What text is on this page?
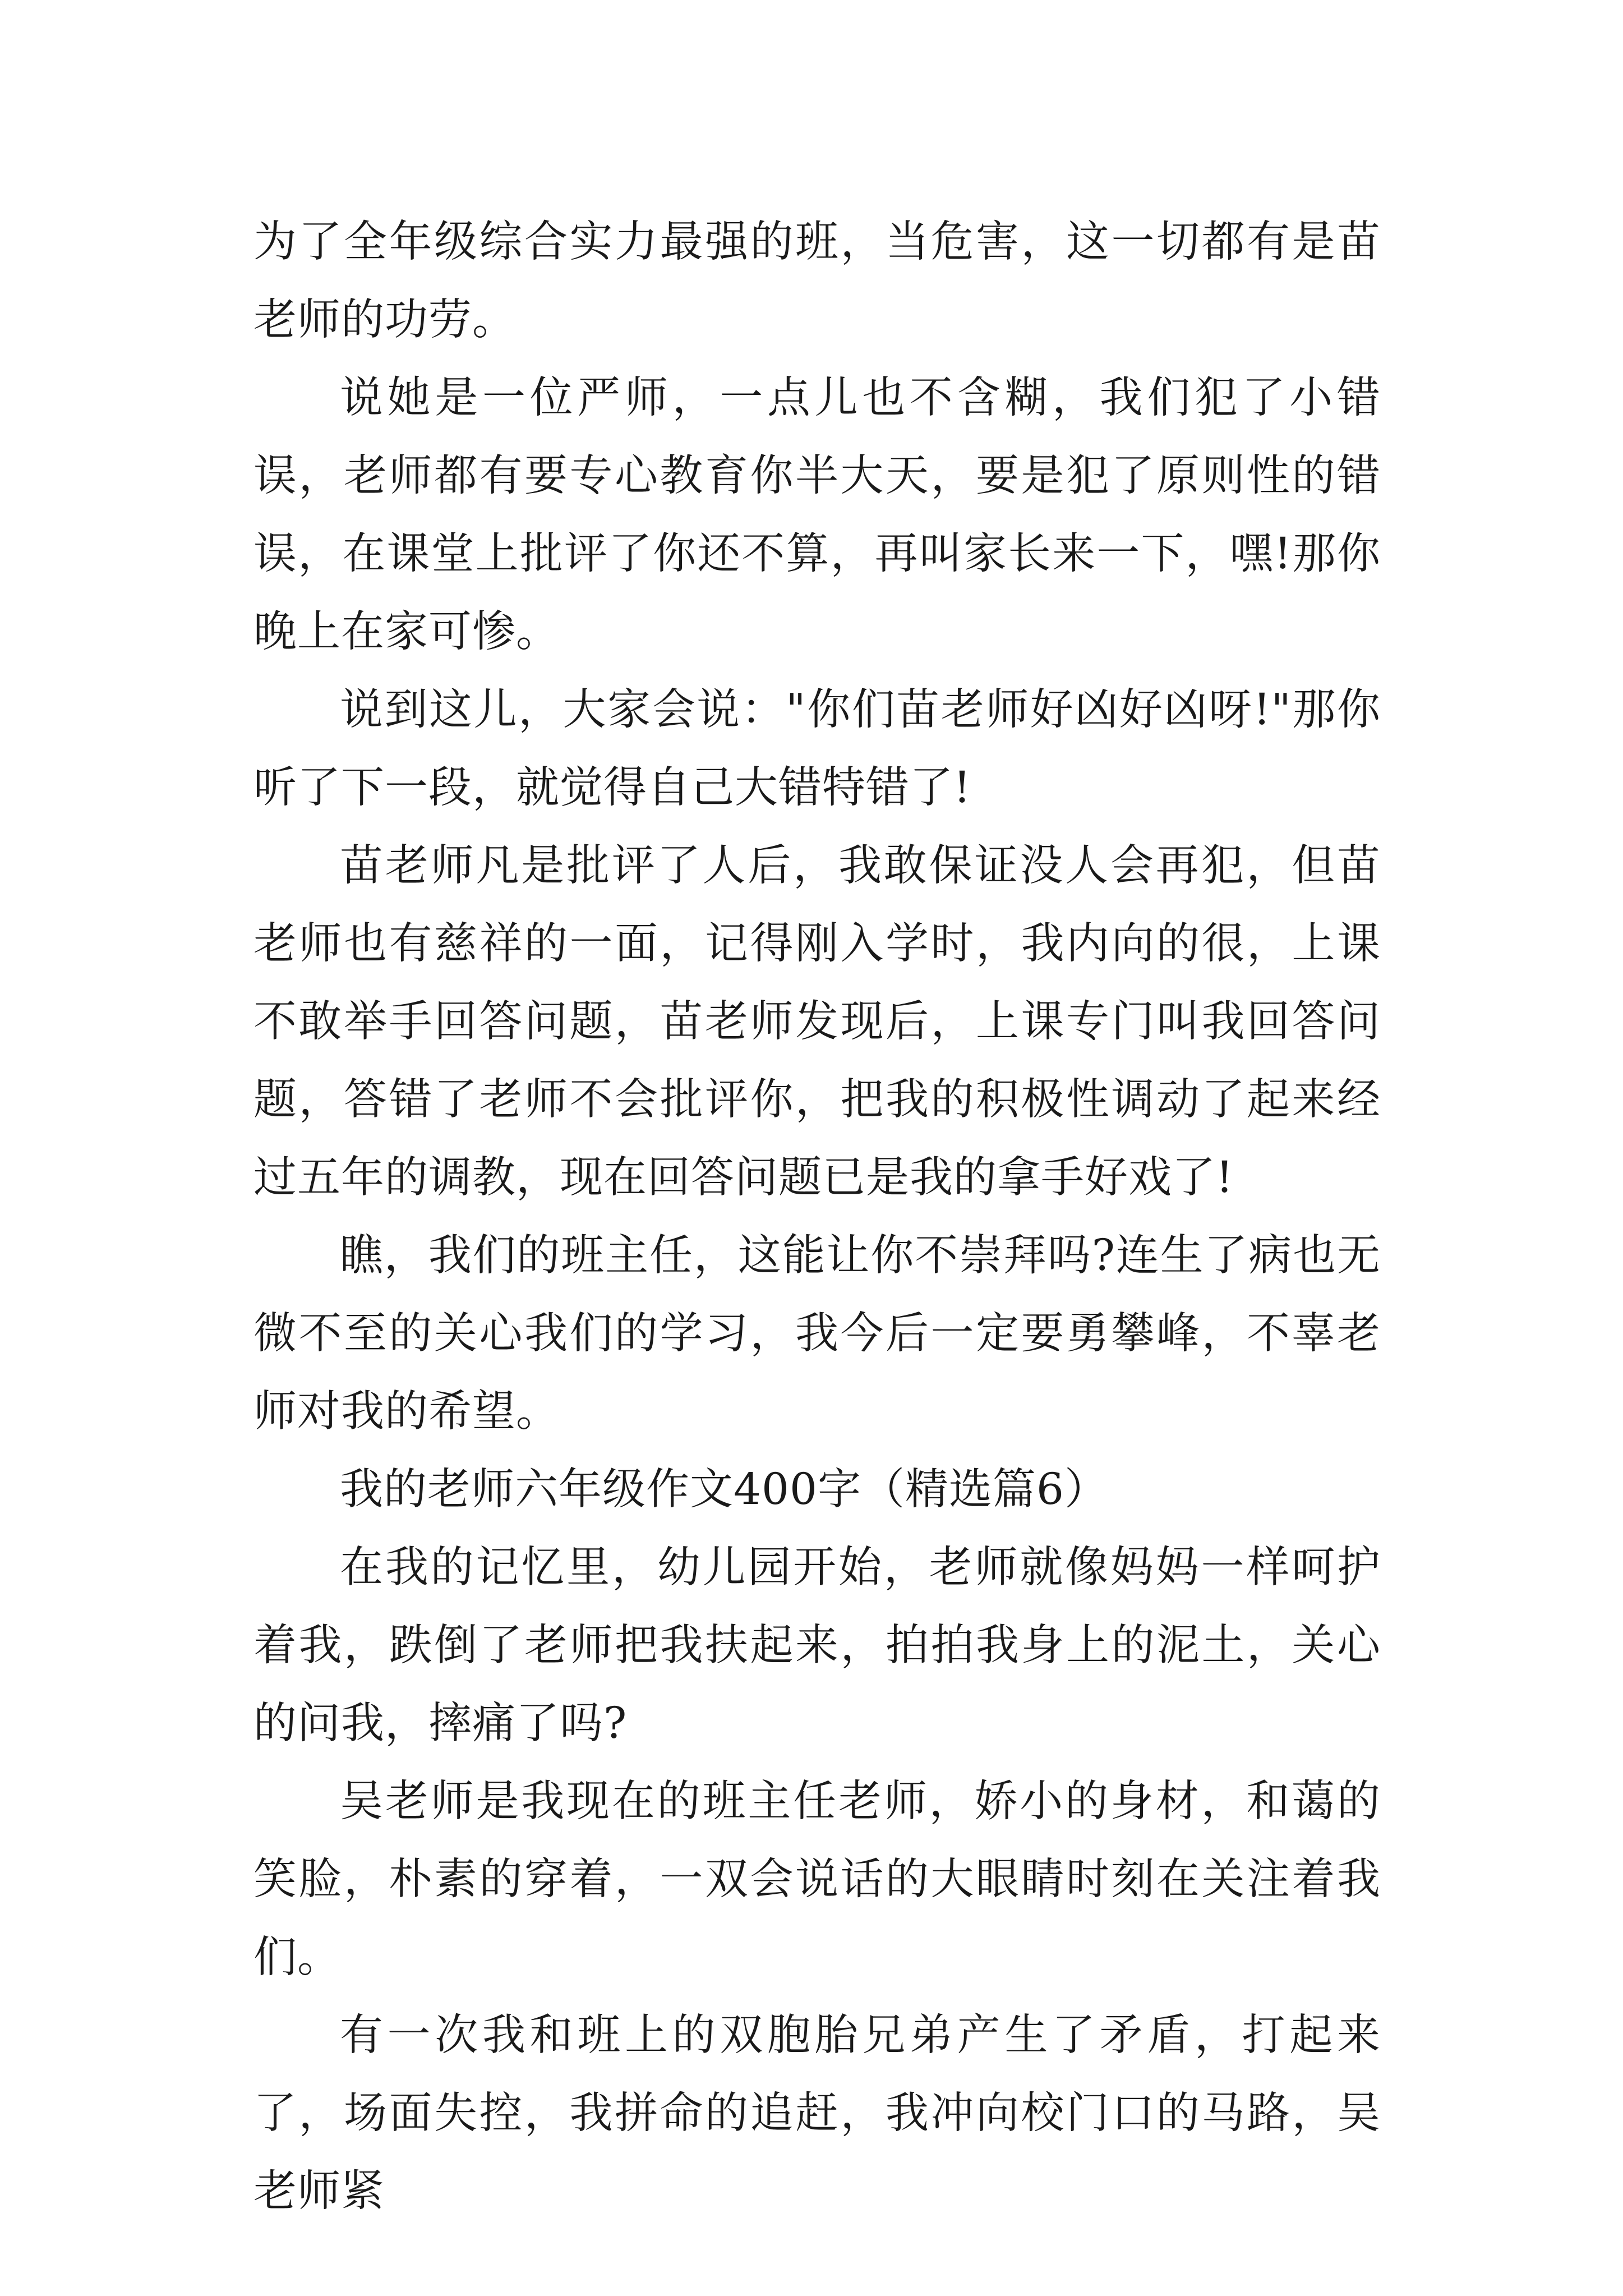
为了全年级综合实力最强的班，当危害，这一切都有是苗老师的功劳。

说她是一位严师，一点儿也不含糊，我们犯了小错误，老师都有要专心教育你半大天，要是犯了原则性的错误，在课堂上批评了你还不算，再叫家长来一下，嘿!那你晚上在家可惨。

说到这儿，大家会说："你们苗老师好凶好凶呀!"那你听了下一段，就觉得自己大错特错了!

苗老师凡是批评了人后，我敢保证没人会再犯，但苗老师也有慈祥的一面，记得刚入学时，我内向的很，上课不敢举手回答问题，苗老师发现后，上课专门叫我回答问题，答错了老师不会批评你，把我的积极性调动了起来经过五年的调教，现在回答问题已是我的拿手好戏了!

瞧，我们的班主任，这能让你不崇拜吗?连生了病也无微不至的关心我们的学习，我今后一定要勇攀峰，不辜老师对我的希望。

我的老师六年级作文400字（精选篇6）

在我的记忆里，幼儿园开始，老师就像妈妈一样呵护着我，跌倒了老师把我扶起来，拍拍我身上的泥土，关心的问我，摔痛了吗?

吴老师是我现在的班主任老师，娇小的身材，和蔼的笑脸，朴素的穿着，一双会说话的大眼睛时刻在关注着我们。

有一次我和班上的双胞胎兄弟产生了矛盾，打起来了，场面失控，我拼命的追赶，我冲向校门口的马路，吴老师紧
